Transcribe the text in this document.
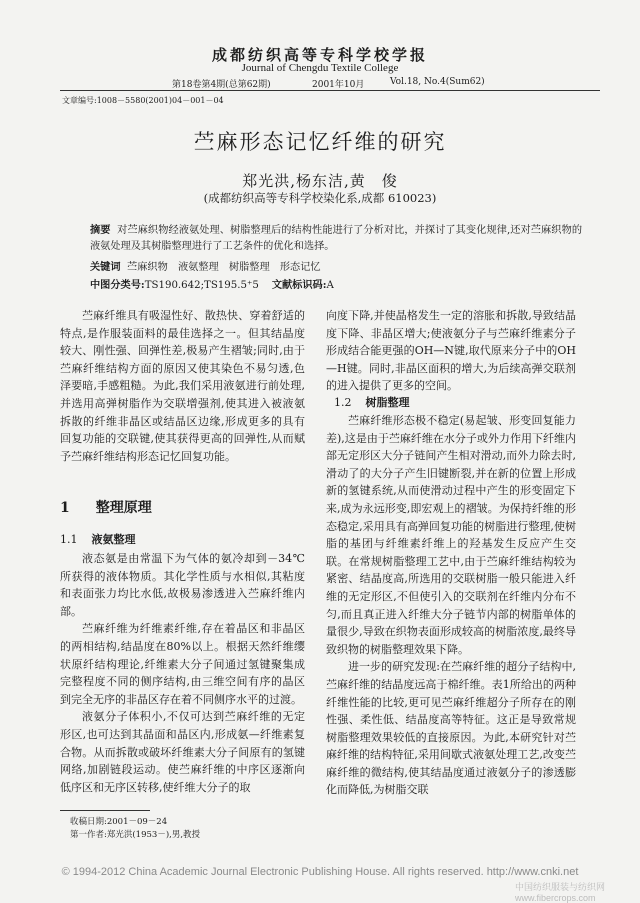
成都纺织高等专科学校学报
Journal of Chengdu Textile College
第18卷第4期(总第62期)	2001年10月	Vol.18, No.4(Sum62)
文章编号:1008－5580(2001)04－001－04
苎麻形态记忆纤维的研究
郑光洪,杨东洁,黄　俊
(成都纺织高等专科学校染化系,成都 610023)
摘要 对苎麻织物经液氨处理、树脂整理后的结构性能进行了分析对比，并探讨了其变化规律,还对苎麻织物的液氨处理及其树脂整理进行了工艺条件的优化和选择。
关键词 苎麻织物　液氨整理　树脂整理　形态记忆
中图分类号:TS190.642;TS195.5⁺5 文献标识码:A

苎麻纤维具有吸湿性好、散热快、穿着舒适的特点,是作服装面料的最佳选择之一。但其结晶度较大、刚性强、回弹性差,极易产生褶皱;同时,由于苎麻纤维结构方面的原因又使其染色不易匀透,色泽要暗,手感粗糙。为此,我们采用液氨进行前处理,并选用高弹树脂作为交联增强剂,使其进入被液氨拆散的纤维非晶区或结晶区边缘,形成更多的具有回复功能的交联键,使其获得更高的回弹性,从而赋予苎麻纤维结构形态记忆回复功能。

1 整理原理
1.1 液氨整理

液态氨是由常温下为气体的氨冷却到－34℃所获得的液体物质。其化学性质与水相似,其粘度和表面张力均比水低,故极易渗透进入苎麻纤维内部。

苎麻纤维为纤维素纤维,存在着晶区和非晶区的两相结构,结晶度在80%以上。根据天然纤维缨状原纤结构理论,纤维素大分子间通过氢键聚集成完整程度不同的侧序结构,由三维空间有序的晶区到完全无序的非晶区存在着不同侧序水平的过渡。

液氨分子体积小,不仅可达到苎麻纤维的无定形区,也可达到其晶面和晶区内,形成氨—纤维素复合物。从而拆散或破坏纤维素大分子间原有的氢键网络,加剧链段运动。使苎麻纤维的中序区逐渐向低序区和无序区转移,使纤维大分子的取

向度下降,并使晶格发生一定的溶胀和拆散,导致结晶度下降、非晶区增大;使液氨分子与苎麻纤维素分子形成结合能更强的OH—N键,取代原来分子中的OH—H键。同时,非晶区面积的增大,为后续高弹交联剂的进入提供了更多的空间。

1.2 树脂整理

苎麻纤维形态极不稳定(易起皱、形变回复能力差),这是由于苎麻纤维在水分子或外力作用下纤维内部无定形区大分子链间产生相对滑动,而外力除去时,滑动了的大分子产生旧键断裂,并在新的位置上形成新的氢键系统,从而使滑动过程中产生的形变固定下来,成为永远形变,即宏观上的褶皱。为保持纤维的形态稳定,采用具有高弹回复功能的树脂进行整理,使树脂的基团与纤维素纤维上的羟基发生反应产生交联。在常规树脂整理工艺中,由于苎麻纤维结构较为紧密、结晶度高,所选用的交联树脂一般只能进入纤维的无定形区,不但使引入的交联剂在纤维内分布不匀,而且真正进入纤维大分子链节内部的树脂单体的量很少,导致在织物表面形成较高的树脂浓度,最终导致织物的树脂整理效果下降。

进一步的研究发现:在苎麻纤维的超分子结构中,苎麻纤维的结晶度远高于棉纤维。表1所给出的两种纤维性能的比较,更可见苎麻纤维超分子所存在的刚性强、柔性低、结晶度高等特征。这正是导致常规树脂整理效果较低的直接原因。为此,本研究针对苎麻纤维的结构特征,采用间歇式液氨处理工艺,改变苎麻纤维的微结构,使其结晶度通过液氨分子的渗透膨化而降低,为树脂交联

收稿日期:2001－09－24
第一作者:郑光洪(1953－),男,教授
© 1994-2012 China Academic Journal Electronic Publishing House. All rights reserved. http://www.cnki.net
中国纺织服装与纺织网 www.fibercrops.com
